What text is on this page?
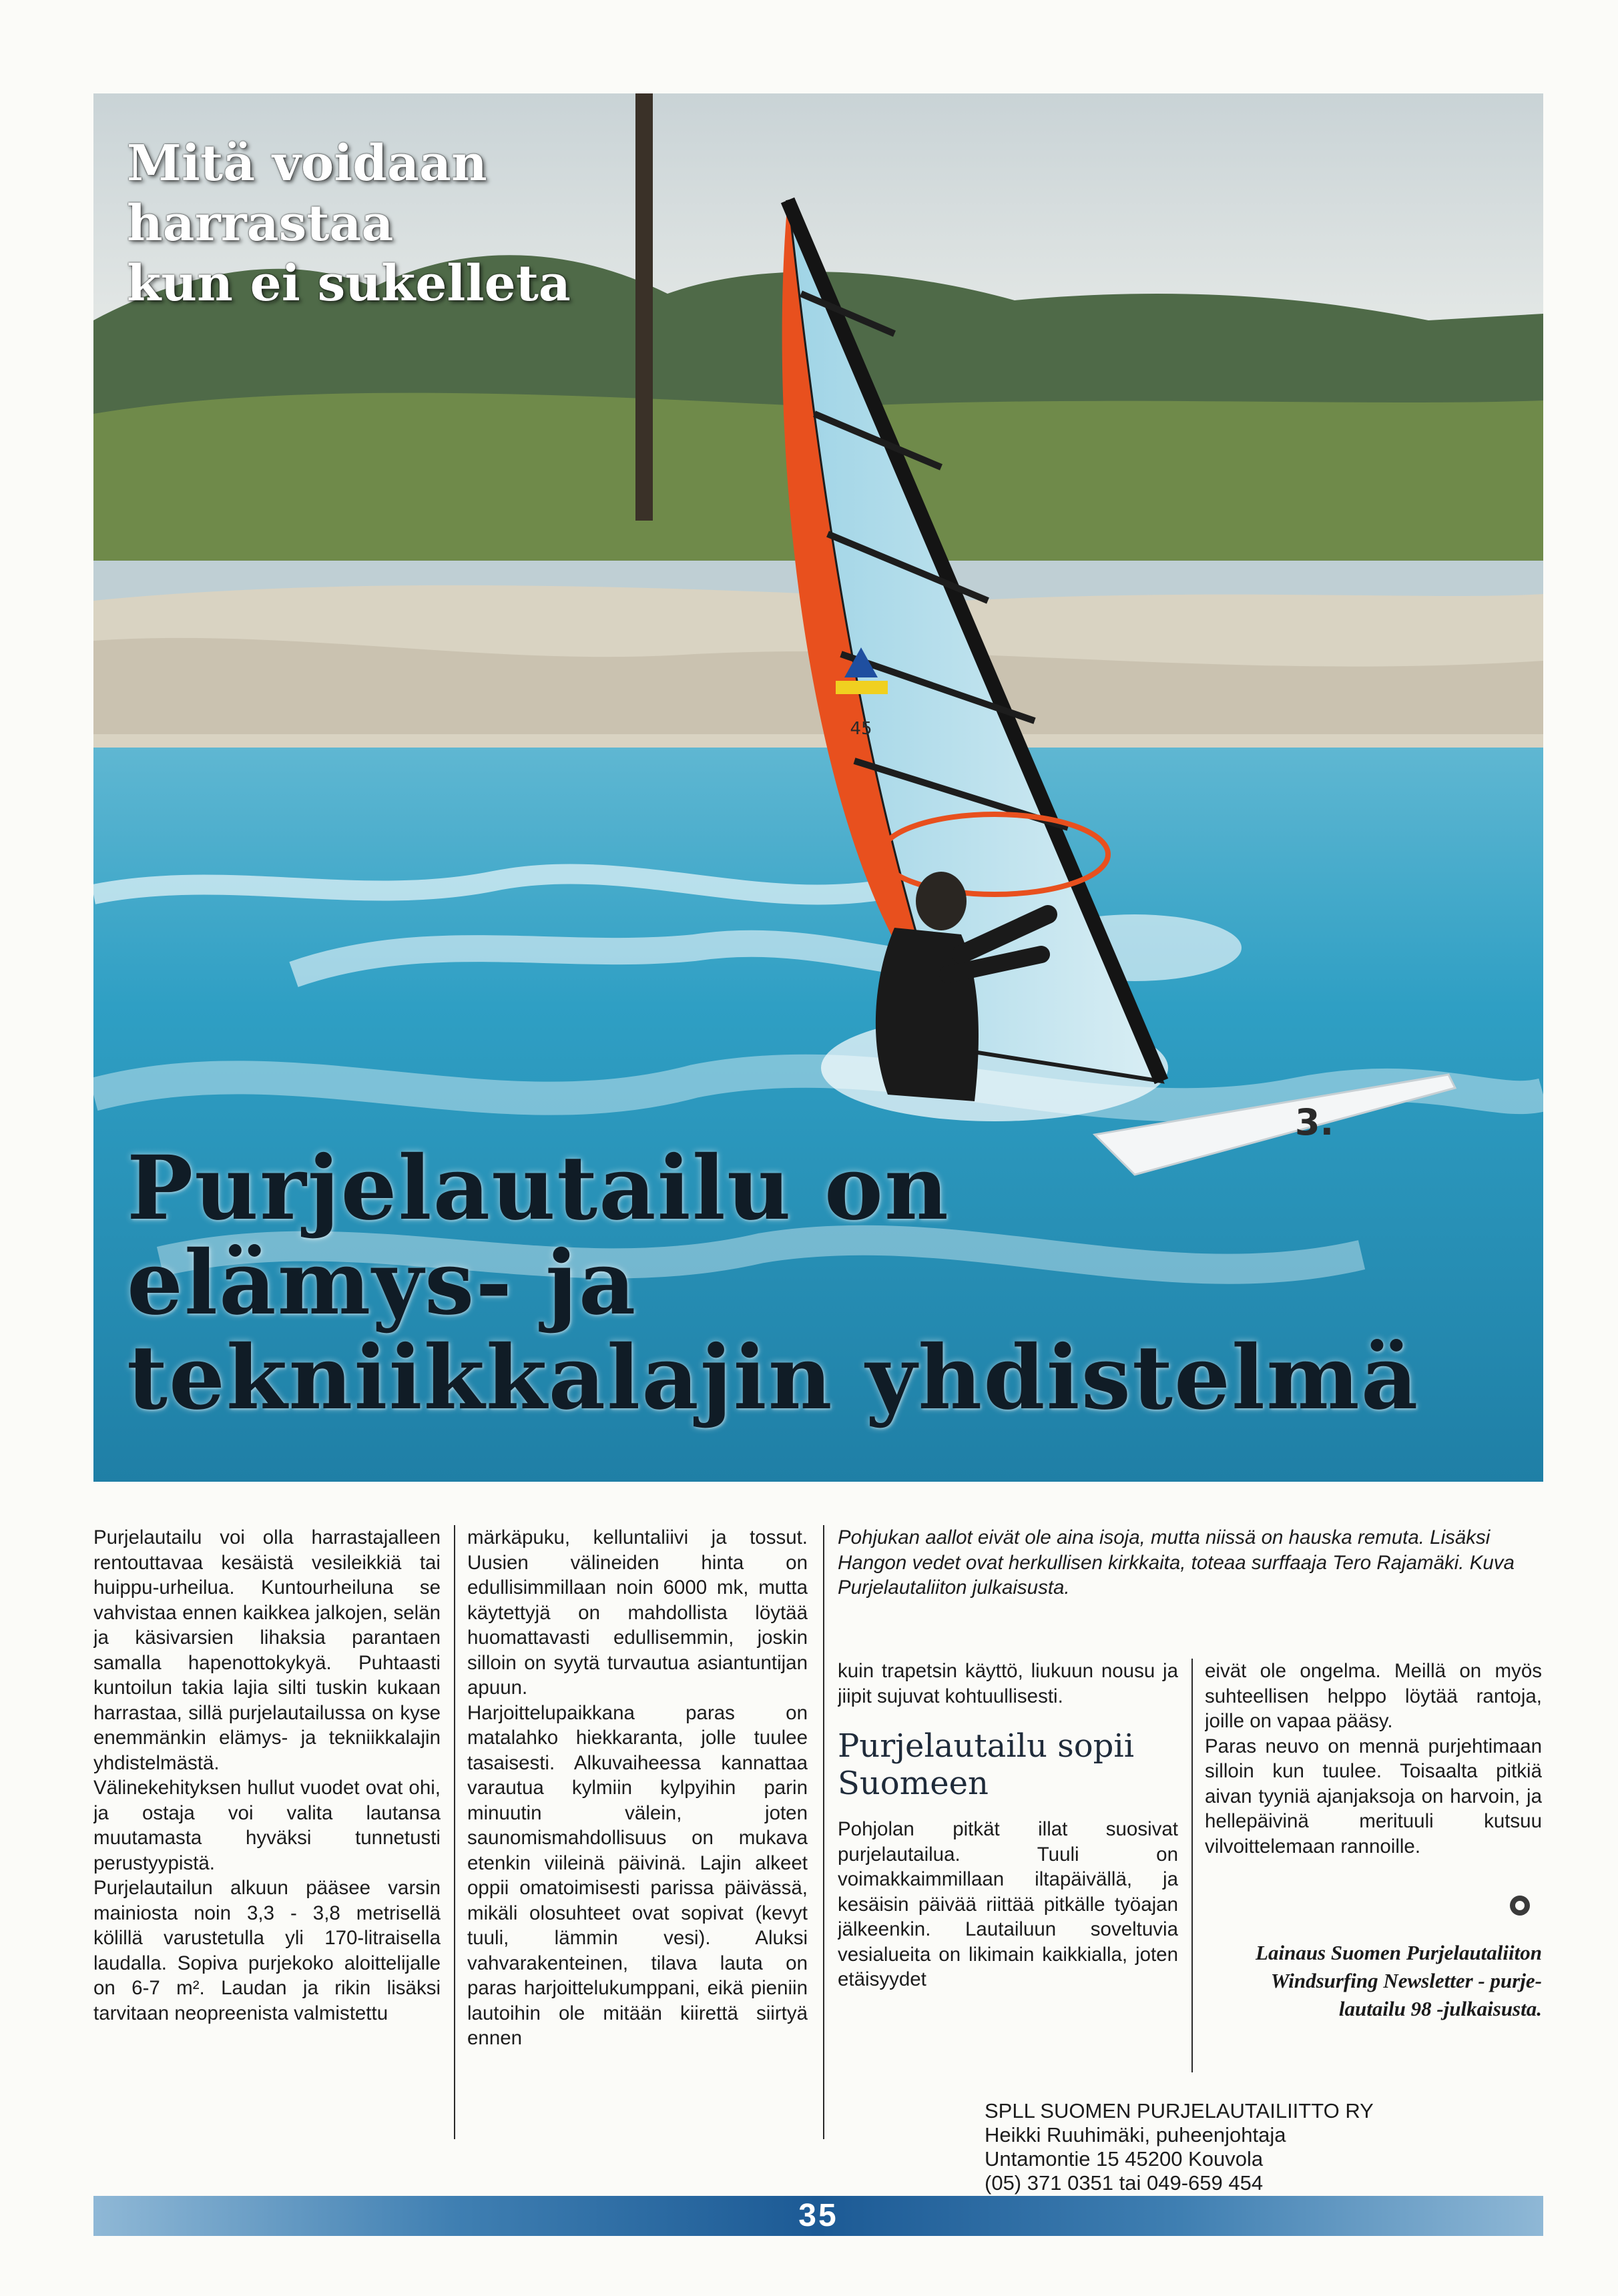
3.
45
Mitä voidaan harrastaa
kun ei sukelleta
Purjelautailu on
elämys- ja
tekniikkalajin yhdistelmä

Purjelautailu voi olla harrastajalleen rentouttavaa kesäistä vesileikkiä tai huippu-urheilua. Kuntourheiluna se vahvistaa ennen kaikkea jalkojen, selän ja käsivarsien lihaksia parantaen samalla hapenottokykyä. Puhtaasti kuntoilun takia lajia silti tuskin kukaan harrastaa, sillä purjelautailussa on kyse enemmänkin elämys- ja tekniikkalajin yhdistelmästä.

Välinekehityksen hullut vuodet ovat ohi, ja ostaja voi valita lautansa muutamasta hyväksi tunnetusti perustyypistä.

Purjelautailun alkuun pääsee varsin mainiosta noin 3,3 - 3,8 metrisellä kölillä varustetulla yli 170-litraisella laudalla. Sopiva purjekoko aloittelijalle on 6-7 m². Laudan ja rikin lisäksi tarvitaan neopreenista valmistettu

märkäpuku, kelluntaliivi ja tossut. Uusien välineiden hinta on edullisimmillaan noin 6000 mk, mutta käytettyjä on mahdollista löytää huomattavasti edullisemmin, joskin silloin on syytä turvautua asiantuntijan apuun.

Harjoittelupaikkana paras on matalahko hiekkaranta, jolle tuulee tasaisesti. Alkuvaiheessa kannattaa varautua kylmiin kylpyihin parin minuutin välein, joten saunomismahdollisuus on mukava etenkin viileinä päivinä. Lajin alkeet oppii omatoimisesti parissa päivässä, mikäli olosuhteet ovat sopivat (kevyt tuuli, lämmin vesi). Aluksi vahvarakenteinen, tilava lauta on paras harjoittelukumppani, eikä pieniin lautoihin ole mitään kiirettä siirtyä ennen

Pohjukan aallot eivät ole aina isoja, mutta niissä on hauska remuta. Lisäksi Hangon vedet ovat herkullisen kirkkaita, toteaa surffaaja Tero Rajamäki. Kuva Purjelautaliiton julkaisusta.

kuin trapetsin käyttö, liukuun nousu ja jiipit sujuvat kohtuullisesti.

Purjelautailu sopii Suomeen

Pohjolan pitkät illat suosivat purjelautailua. Tuuli on voimakkaimmillaan iltapäivällä, ja kesäisin päivää riittää pitkälle työajan jälkeenkin. Lautailuun soveltuvia vesialueita on likimain kaikkialla, joten etäisyydet

eivät ole ongelma. Meillä on myös suhteellisen helppo löytää rantoja, joille on vapaa pääsy.

Paras neuvo on mennä purjehtimaan silloin kun tuulee. Toisaalta pitkiä aivan tyyniä ajanjaksoja on harvoin, ja hellepäivinä merituuli kutsuu vilvoittelemaan rannoille.

Lainaus Suomen Purjelautaliiton
Windsurfing Newsletter - purje-
lautailu 98 -julkaisusta.

SPLL SUOMEN PURJELAUTAILIITTO RY
Heikki Ruuhimäki, puheenjohtaja
Untamontie 15 45200 Kouvola
(05) 371 0351 tai 049-659 454

35
